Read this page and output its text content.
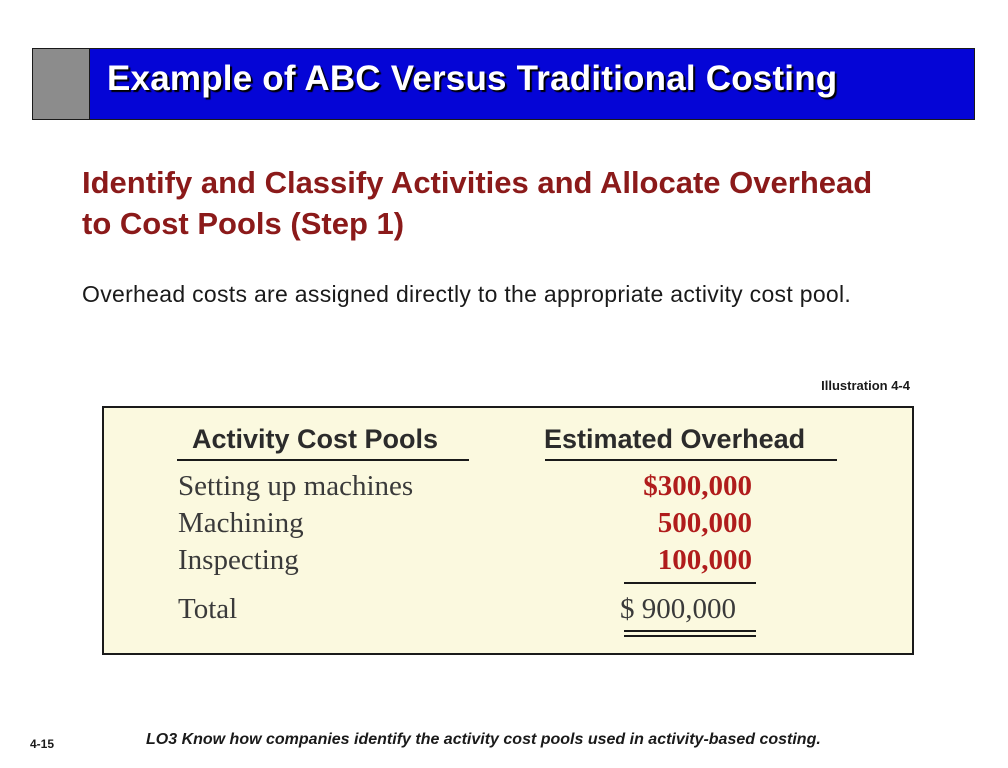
Example of ABC Versus Traditional Costing
Identify and Classify Activities and Allocate Overhead to Cost Pools (Step 1)
Overhead costs are assigned directly to the appropriate activity cost pool.
Illustration 4-4
Activity Cost Pools	Estimated Overhead
Setting up machines	$300,000
Machining	500,000
Inspecting	100,000
Total	$ 900,000
4-15	LO3 Know how companies identify the activity cost pools used in activity-based costing.
